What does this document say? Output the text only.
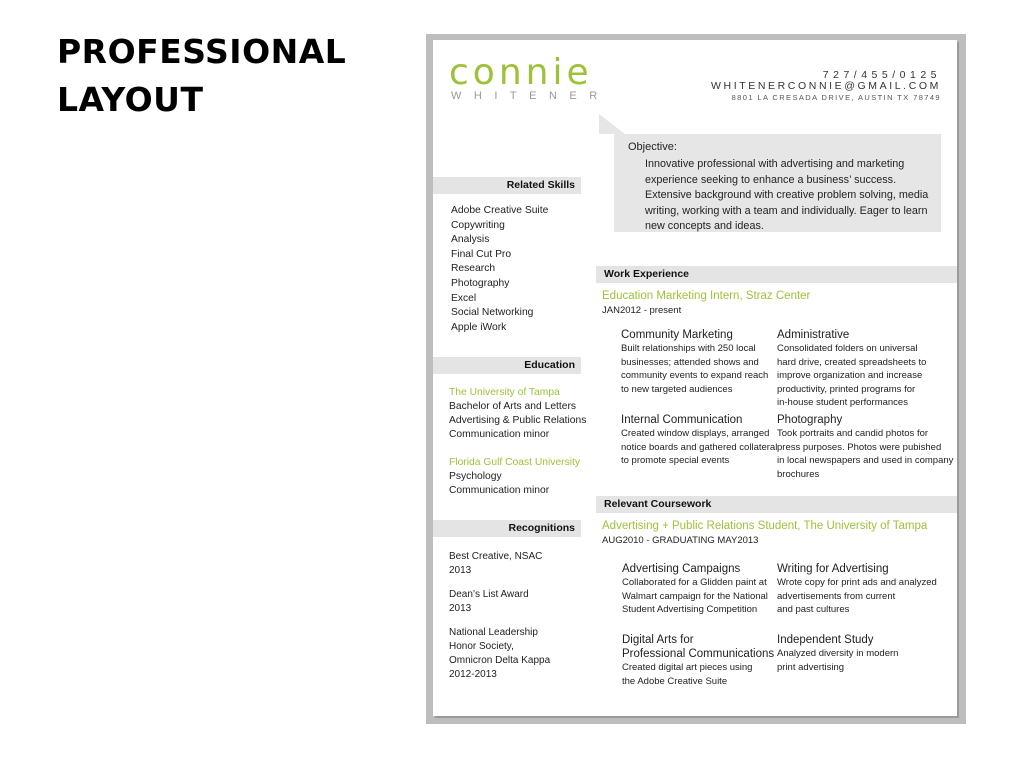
PROFESSIONAL
LAYOUT
connie
WHITENER
727/455/0125
WHITENERCONNIE@GMAIL.COM
8801 LA CRESADA DRIVE, AUSTIN TX 78749
Objective:
Innovative professional with advertising and marketing experience seeking to enhance a business’ success. Extensive background with creative problem solving, media writing, working with a team and individually. Eager to learn new concepts and ideas.
Related Skills
Adobe Creative Suite
Copywriting
Analysis
Final Cut Pro
Research
Photography
Excel
Social Networking
Apple iWork
Education
The University of Tampa
Bachelor of Arts and Letters
Advertising & Public Relations
Communication minor
Florida Gulf Coast University
Psychology
Communication minor
Recognitions
Best Creative, NSAC
2013
Dean’s List Award
2013
National Leadership
Honor Society,
Omnicron Delta Kappa
2012-2013
Work Experience
Education Marketing Intern, Straz Center
JAN2012 - present
Community Marketing
Built relationships with 250 local
businesses; attended shows and
community events to expand reach
to new targeted audiences
Administrative
Consolidated folders on universal
hard drive, created spreadsheets to
improve organization and increase
productivity, printed programs for
in-house student performances
Internal Communication
Created window displays, arranged
notice boards and gathered collateral
to promote special events
Photography
Took portraits and candid photos for
press purposes. Photos were pubished
in local newspapers and used in company
brochures
Relevant Coursework
Advertising + Public Relations Student, The University of Tampa
AUG2010 - GRADUATING MAY2013
Advertising Campaigns
Collaborated for a Glidden paint at
Walmart campaign for the National
Student Advertising Competition
Writing for Advertising
Wrote copy for print ads and analyzed
advertisements from current
and past cultures
Digital Arts for
Professional Communications
Created digital art pieces using
the Adobe Creative Suite
Independent Study
Analyzed diversity in modern
print advertising
